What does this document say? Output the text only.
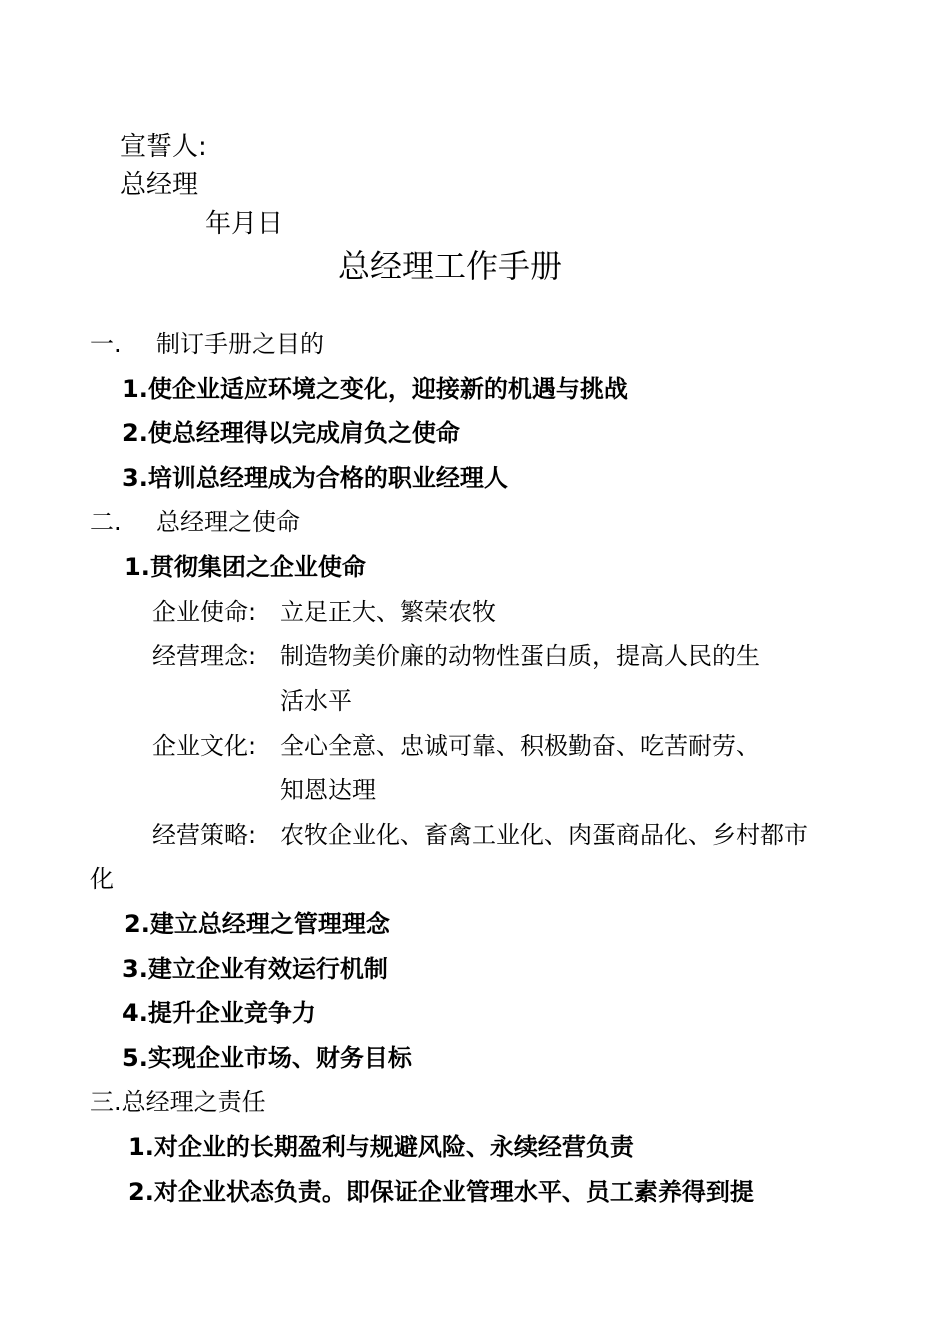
宣誓人:
总经理
年月日
总经理工作手册
一. 制订手册之目的
1.使企业适应环境之变化，迎接新的机遇与挑战
2.使总经理得以完成肩负之使命
3.培训总经理成为合格的职业经理人
二. 总经理之使命
1.贯彻集团之企业使命
企业使命: 立足正大、繁荣农牧
经营理念: 制造物美价廉的动物性蛋白质，提高人民的生
活水平
企业文化: 全心全意、忠诚可靠、积极勤奋、吃苦耐劳、
知恩达理
经营策略: 农牧企业化、畜禽工业化、肉蛋商品化、乡村都市
化
2.建立总经理之管理理念
3.建立企业有效运行机制
4.提升企业竞争力
5.实现企业市场、财务目标
三.总经理之责任
1.对企业的长期盈利与规避风险、永续经营负责
2.对企业状态负责。即保证企业管理水平、员工素养得到提
